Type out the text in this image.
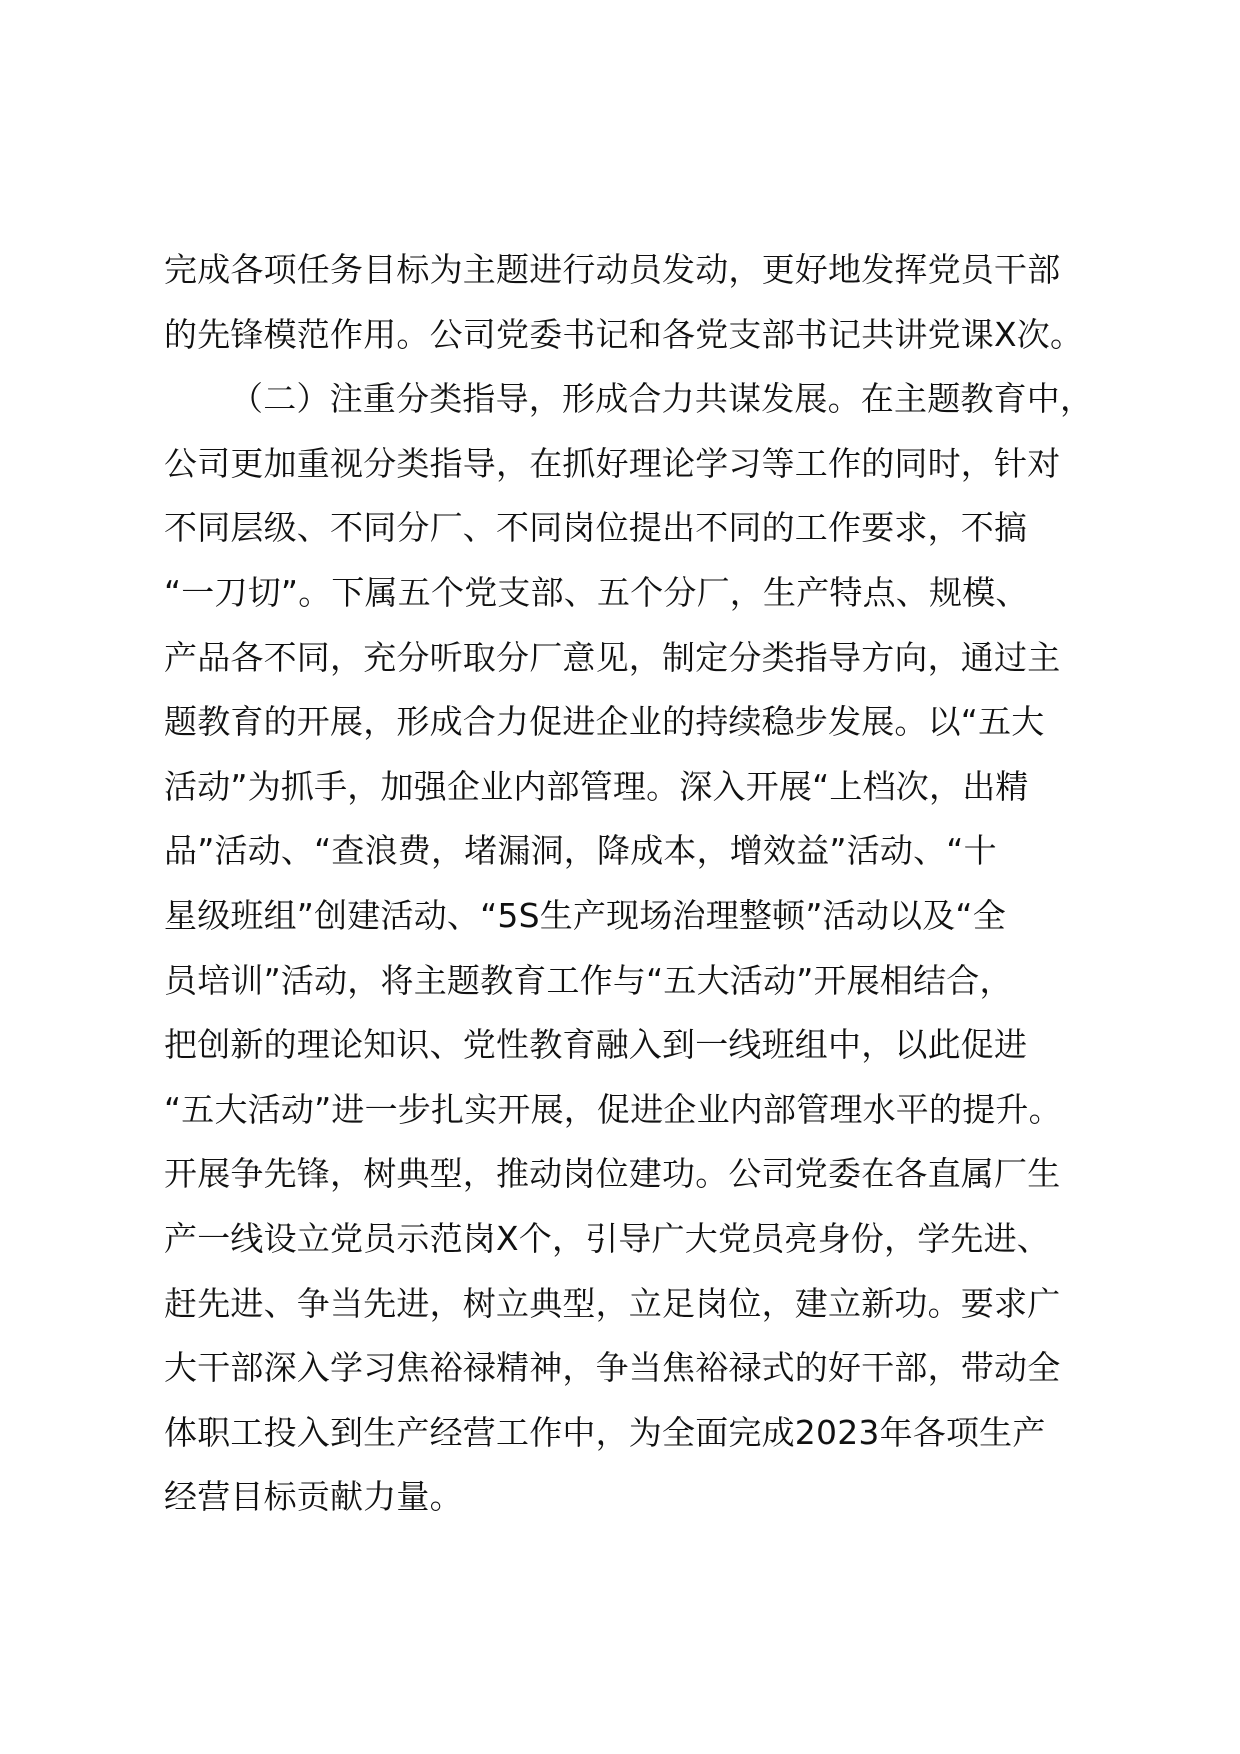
完成各项任务目标为主题进行动员发动，更好地发挥党员干部
的先锋模范作用。公司党委书记和各党支部书记共讲党课X次。
（二）注重分类指导，形成合力共谋发展。在主题教育中，
公司更加重视分类指导，在抓好理论学习等工作的同时，针对
不同层级、不同分厂、不同岗位提出不同的工作要求，不搞
“一刀切”。下属五个党支部、五个分厂，生产特点、规模、
产品各不同，充分听取分厂意见，制定分类指导方向，通过主
题教育的开展，形成合力促进企业的持续稳步发展。以“五大
活动”为抓手，加强企业内部管理。深入开展“上档次，出精
品”活动、“查浪费，堵漏洞，降成本，增效益”活动、“十
星级班组”创建活动、“5S生产现场治理整顿”活动以及“全
员培训”活动，将主题教育工作与“五大活动”开展相结合，
把创新的理论知识、党性教育融入到一线班组中，以此促进
“五大活动”进一步扎实开展，促进企业内部管理水平的提升。
开展争先锋，树典型，推动岗位建功。公司党委在各直属厂生
产一线设立党员示范岗X个，引导广大党员亮身份，学先进、
赶先进、争当先进，树立典型，立足岗位，建立新功。要求广
大干部深入学习焦裕禄精神，争当焦裕禄式的好干部，带动全
体职工投入到生产经营工作中，为全面完成2023年各项生产
经营目标贡献力量。
